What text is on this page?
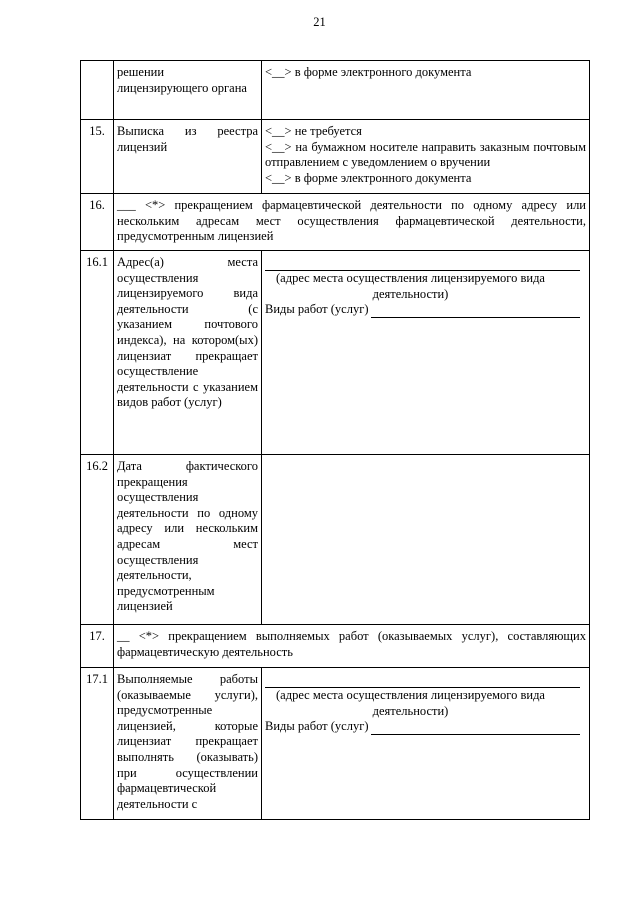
21
	решении лицензирующего органа	<__> в форме электронного документа
15.	Выписка из реестра лицензий	<__> не требуется
<__> на бумажном носителе направить заказным почтовым отправлением с уведомлением о вручении
<__> в форме электронного документа

16.	___ <*> прекращением фармацевтической деятельности по одному адресу или нескольким адресам мест осуществления фармацевтической деятельности, предусмотренным лицензией	
16.1	Адрес(а) места осуществления лицензируемого вида деятельности (с указанием почтового индекса), на котором(ых) лицензиат прекращает осуществление деятельности с указанием видов работ (услуг)	(адрес места осуществления лицензируемого вида деятельности)
Виды работ (услуг)

16.2	Дата фактического прекращения осуществления деятельности по одному адресу или нескольким адресам мест осуществления деятельности, предусмотренным лицензией	
17.	__ <*> прекращением выполняемых работ (оказываемых услуг), составляющих фармацевтическую деятельность	
17.1	Выполняемые работы (оказываемые услуги), предусмотренные лицензией, которые лицензиат прекращает выполнять (оказывать) при осуществлении фармацевтической деятельности с	(адрес места осуществления лицензируемого вида деятельности)
Виды работ (услуг)
